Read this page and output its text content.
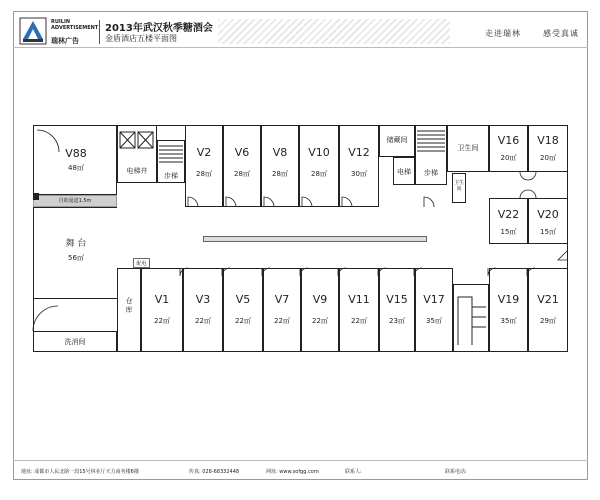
RUILIN ADVERTISEMENT
瑞林广告
2013年武汉秋季糖酒会
金盾酒店五楼平面图
走进瑞林	感受真诚
V88
48㎡	电梯井
步梯
V2
28㎡
V6
28㎡
V8
28㎡
V10
28㎡
V12
30㎡
储藏间
电梯	步梯
卫生间
V16
20㎡
V18
20㎡
V22
15㎡
V20
15㎡
卫生间
自助通道1.5m
舞 台
56㎡
洗消间
配电
仓库
V1
22㎡
V3
22㎡
V5
22㎡
V7
22㎡
V9
22㎡
V11
22㎡
V15
23㎡
V17
35㎡
V19
35㎡
V21
29㎡
地址: 成都市人民北路一段15号林业厅天力商务楼6楼	传真: 028-68332448	网址: www.sofgg.com	联系人:	联系电话:
